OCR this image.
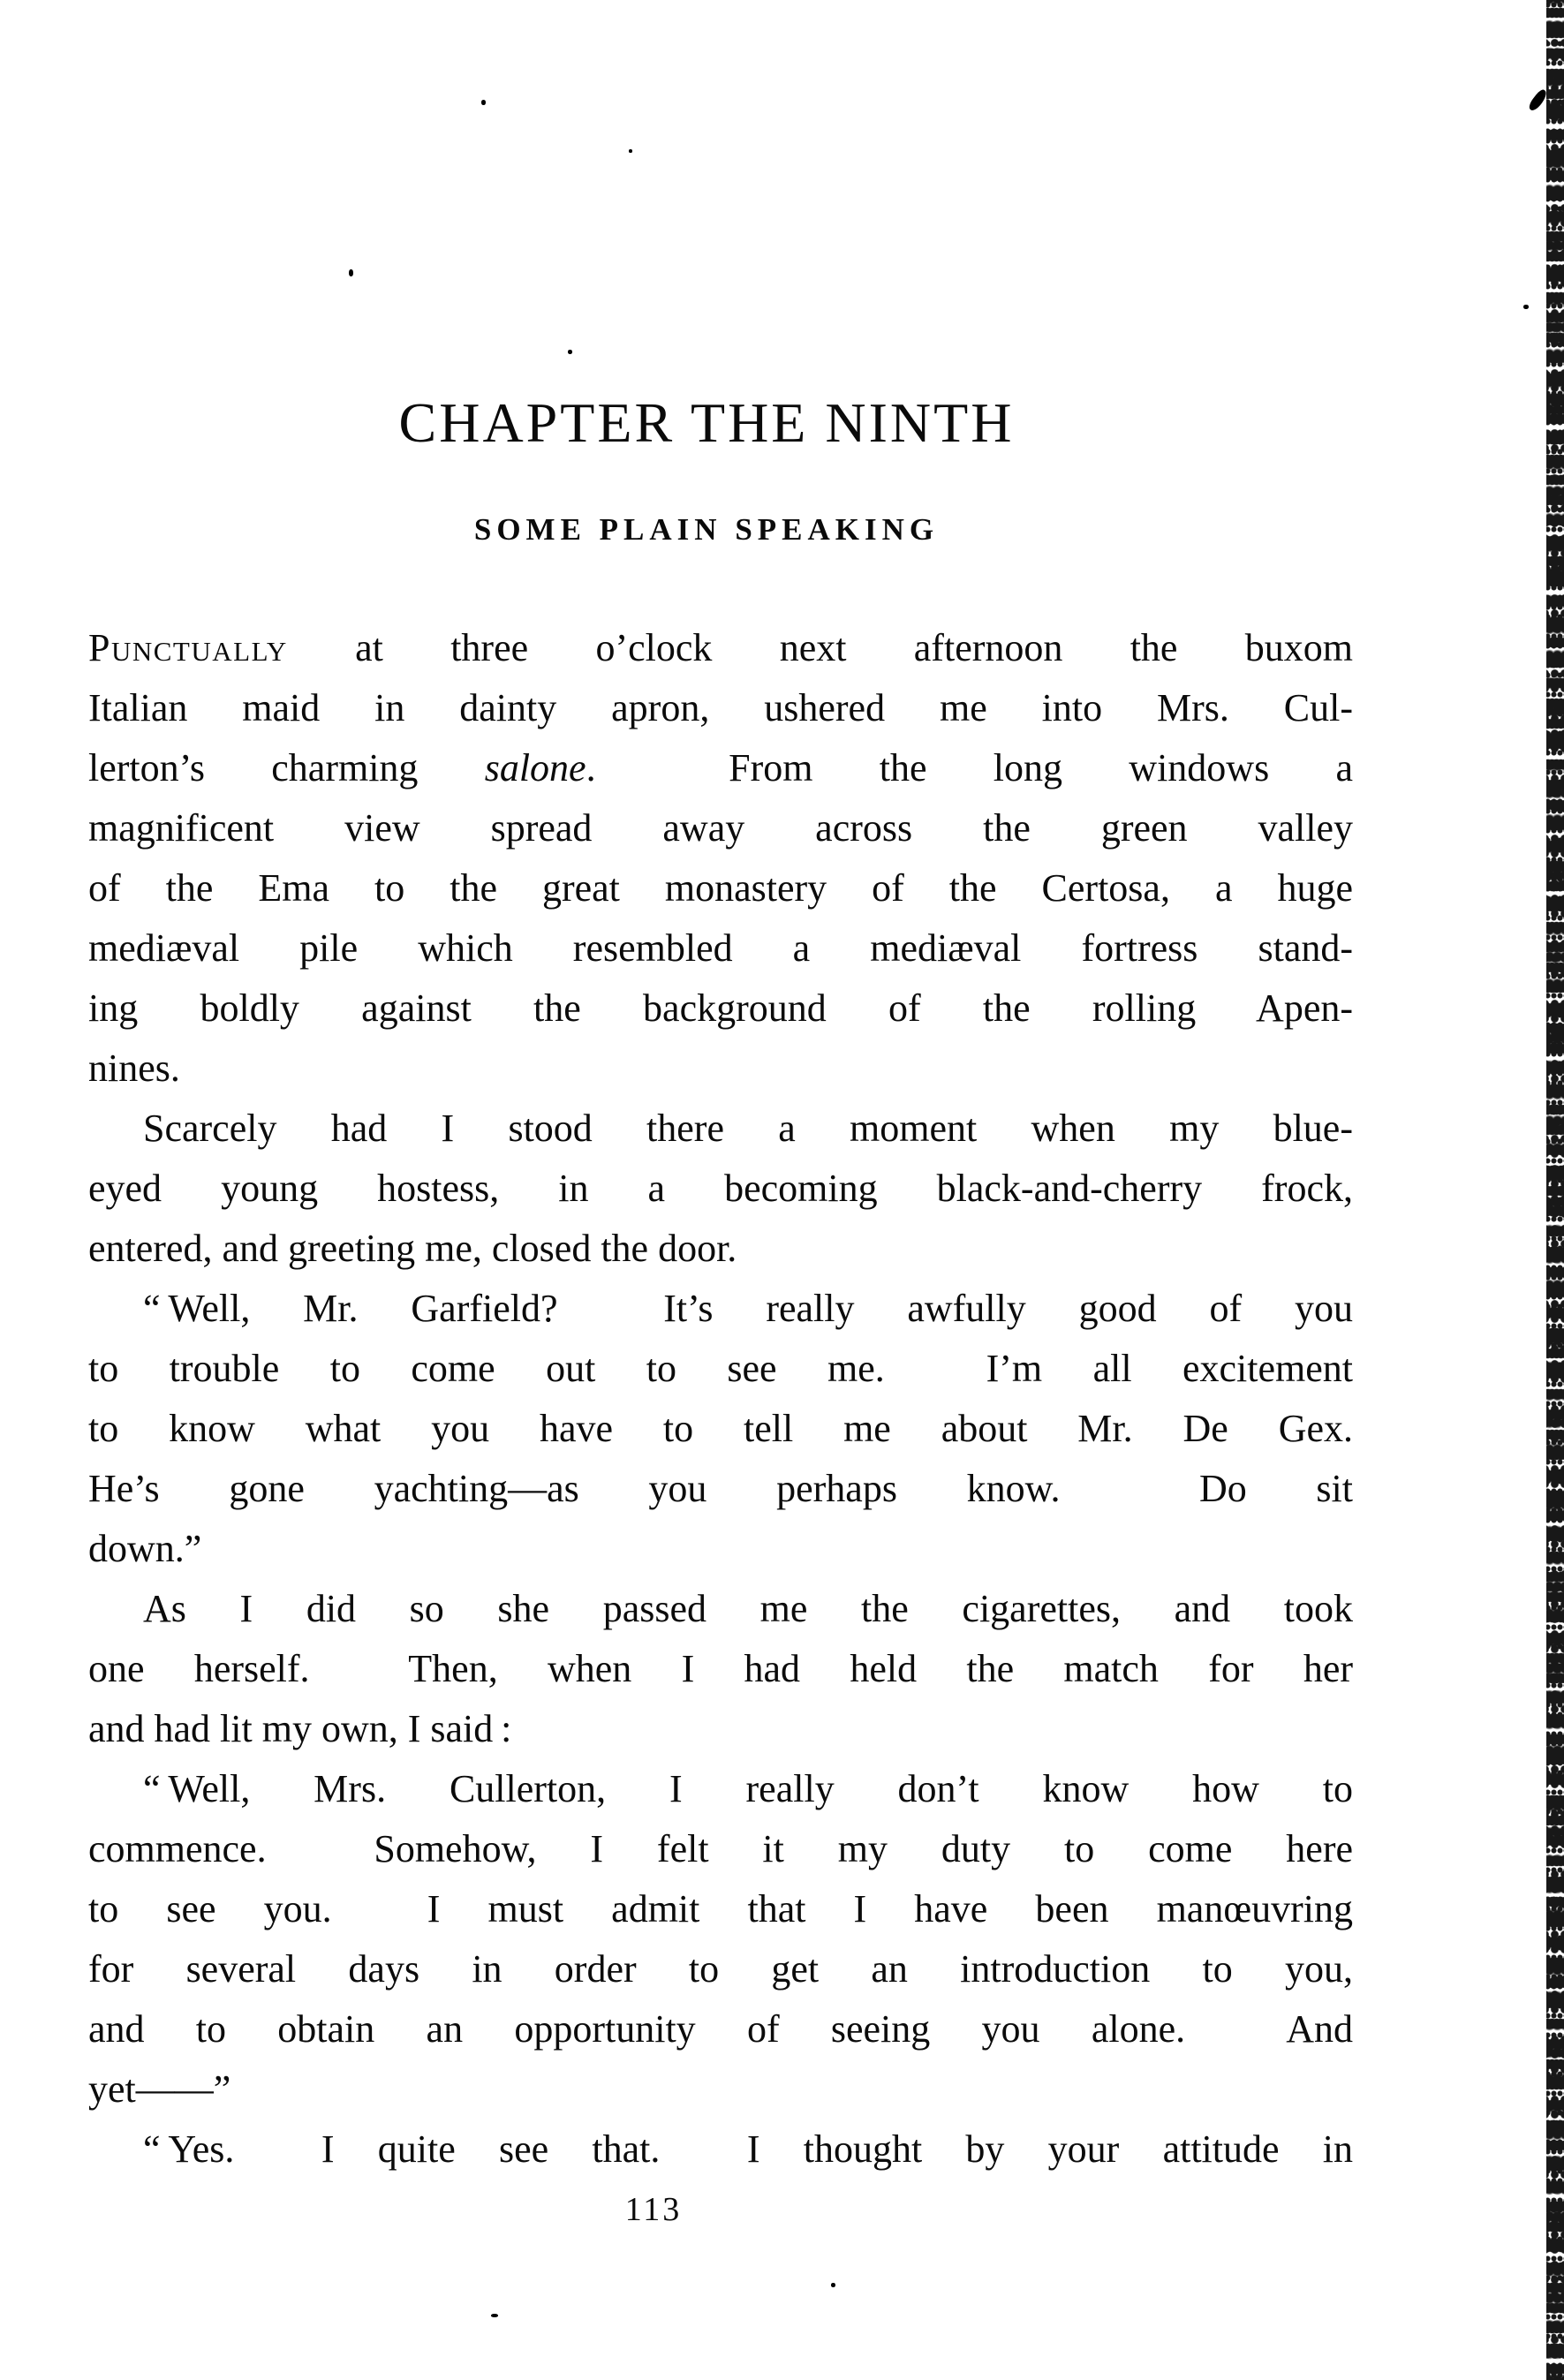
CHAPTER THE NINTH
SOME PLAIN SPEAKING
Punctually at three o’clock next afternoon the buxom
Italian maid in dainty apron, ushered me into Mrs. Cul-
lerton’s charming salone.  From the long windows a
magnificent view spread away across the green valley
of the Ema to the great monastery of the Certosa, a huge
mediæval pile which resembled a mediæval fortress stand-
ing boldly against the background of the rolling Apen-
nines.
Scarcely had I stood there a moment when my blue-
eyed young hostess, in a becoming black-and-cherry frock,
entered, and greeting me, closed the door.
“ Well, Mr. Garfield?  It’s really awfully good of you
to trouble to come out to see me.  I’m all excitement
to know what you have to tell me about Mr. De Gex.
He’s gone yachting—as you perhaps know.  Do sit
down.”
As I did so she passed me the cigarettes, and took
one herself.  Then, when I had held the match for her
and had lit my own, I said :
“ Well, Mrs. Cullerton, I really don’t know how to
commence.  Somehow, I felt it my duty to come here
to see you.  I must admit that I have been manœuvring
for several days in order to get an introduction to you,
and to obtain an opportunity of seeing you alone.  And
yet——”
“ Yes.  I quite see that.  I thought by your attitude in
113
